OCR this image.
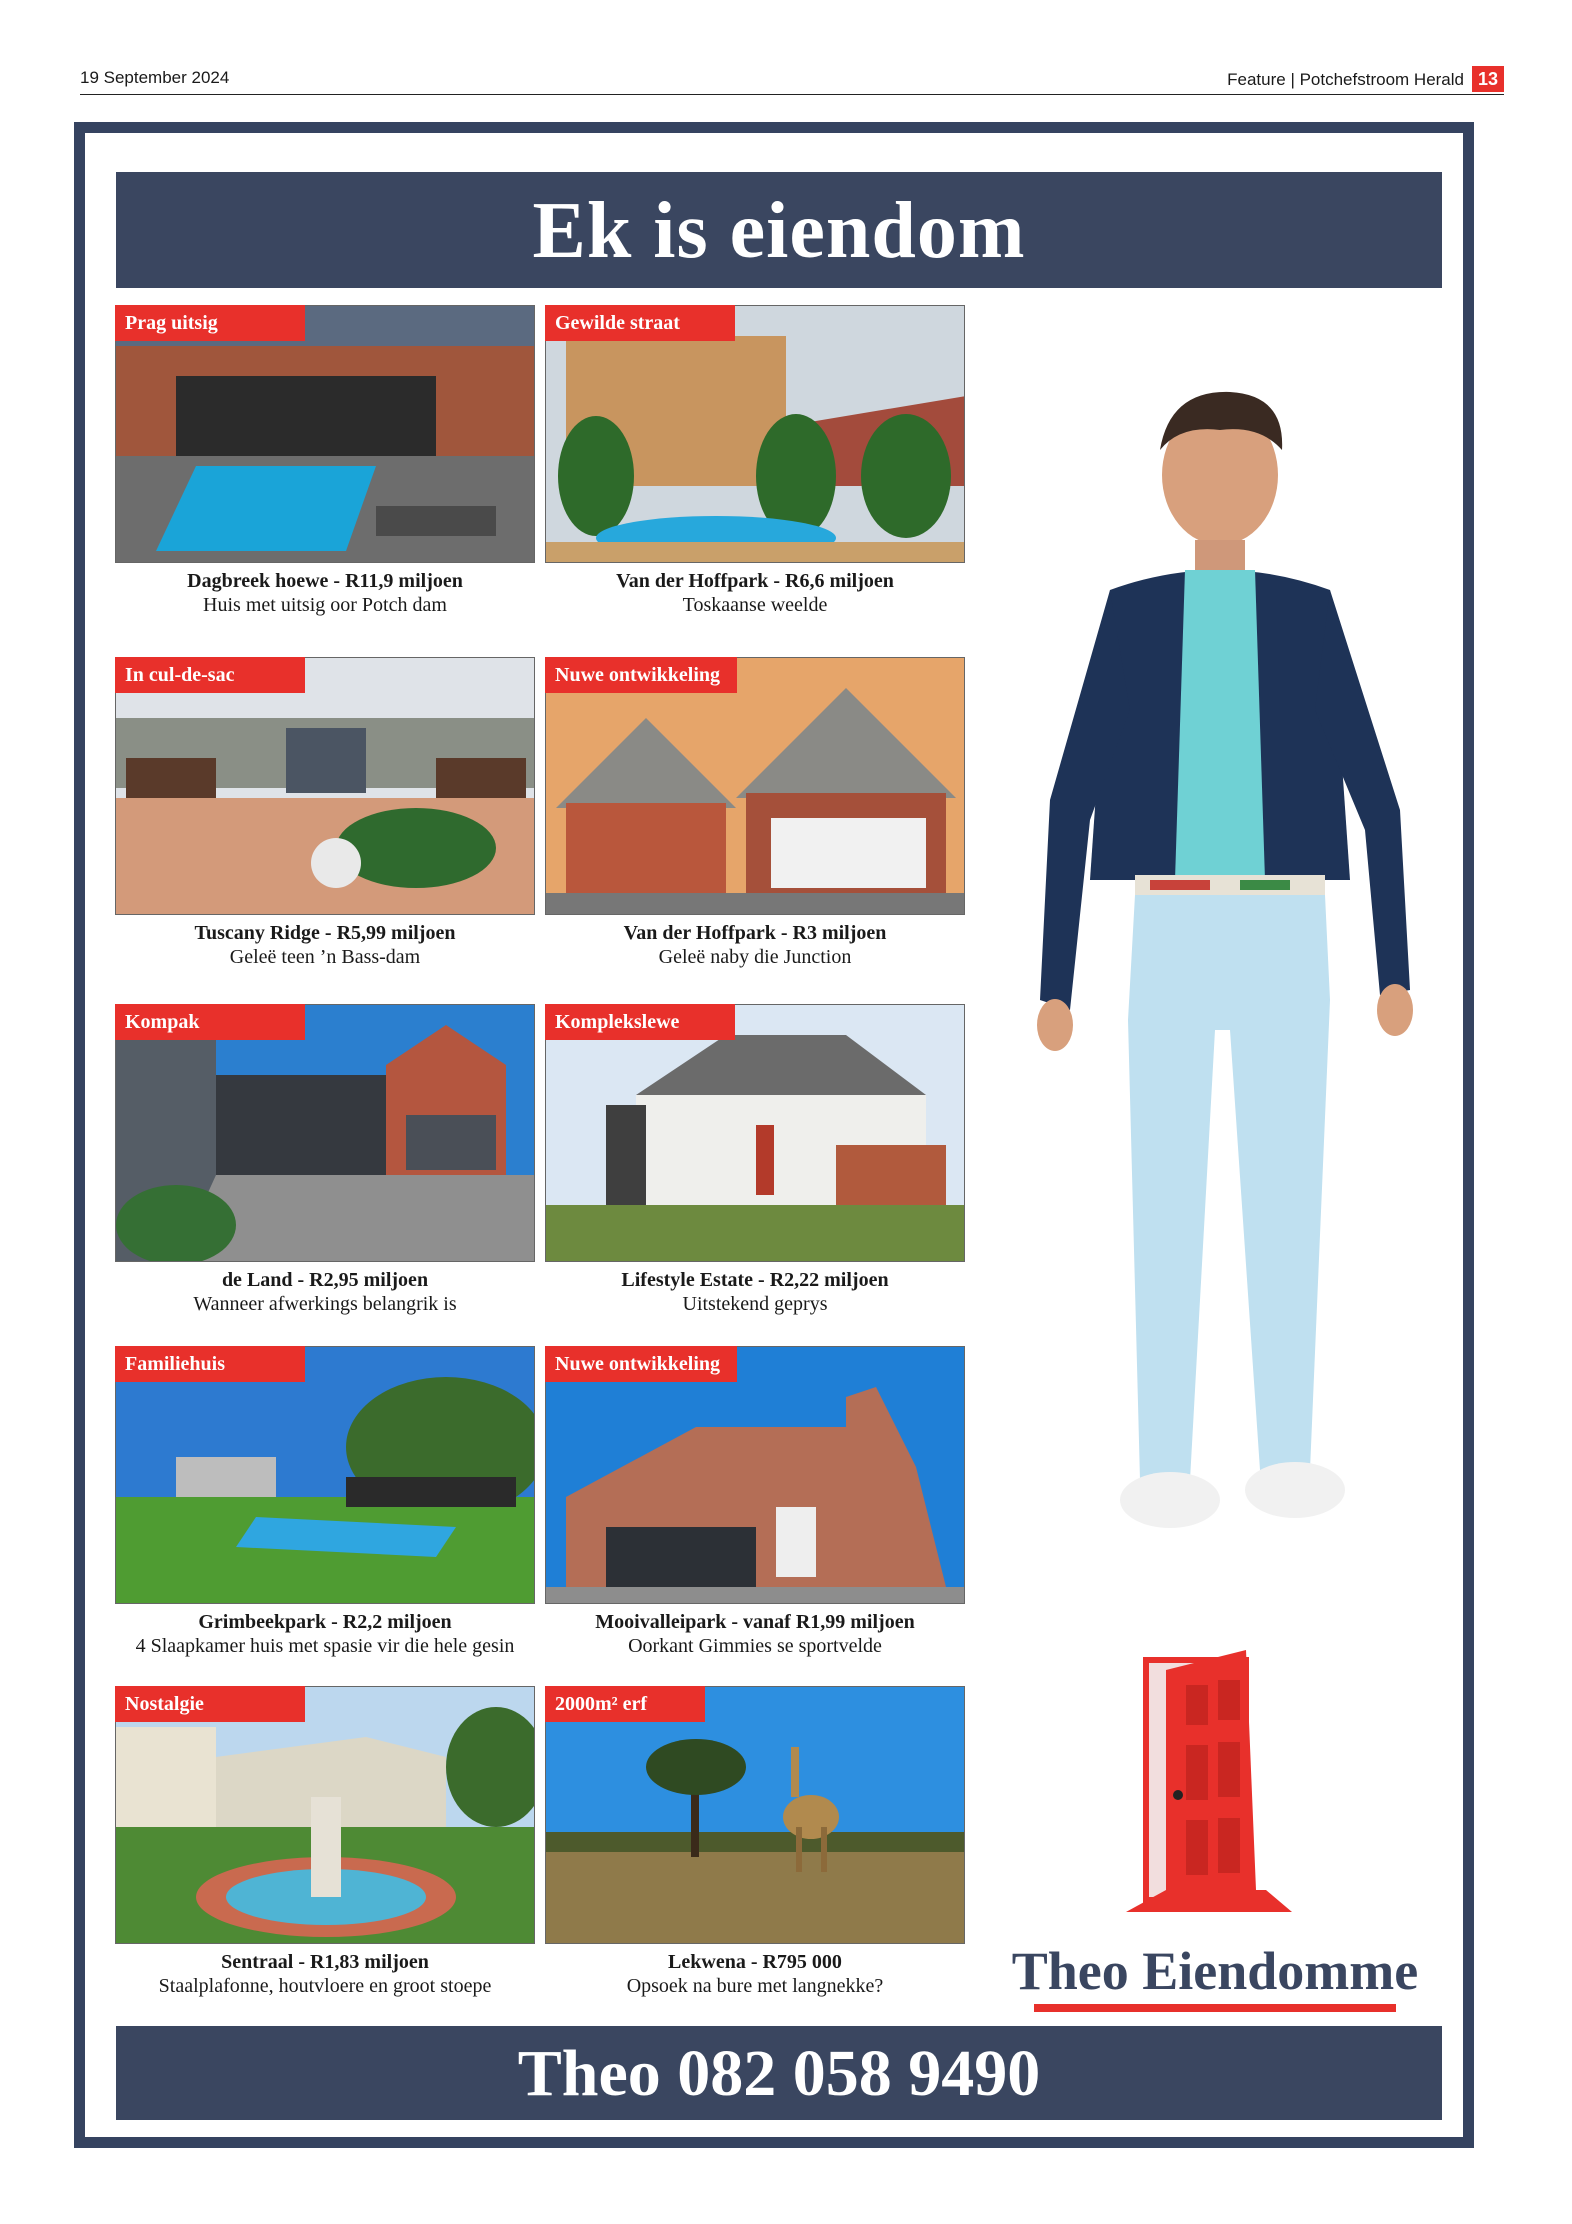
19 September 2024	Feature | Potchefstroom Herald 13
Ek is eiendom
Prag uitsig
Dagbreek hoewe - R11,9 miljoen
Huis met uitsig oor Potch dam
Gewilde straat
Van der Hoffpark - R6,6 miljoen
Toskaanse weelde
In cul-de-sac
Tuscany Ridge - R5,99 miljoen
Geleë teen ’n Bass-dam
Nuwe ontwikkeling
Van der Hoffpark - R3 miljoen
Geleë naby die Junction
Kompak
de Land - R2,95 miljoen
Wanneer afwerkings belangrik is
Komplekslewe
Lifestyle Estate - R2,22 miljoen
Uitstekend geprys
Familiehuis
Grimbeekpark - R2,2 miljoen
4 Slaapkamer huis met spasie vir die hele gesin
Nuwe ontwikkeling
Mooivalleipark - vanaf R1,99 miljoen
Oorkant Gimmies se sportvelde
Nostalgie
Sentraal - R1,83 miljoen
Staalplafonne, houtvloere en groot stoepe
2000m² erf
Lekwena - R795 000
Opsoek na bure met langnekke?	Theo Eiendomme
Theo 082 058 9490
